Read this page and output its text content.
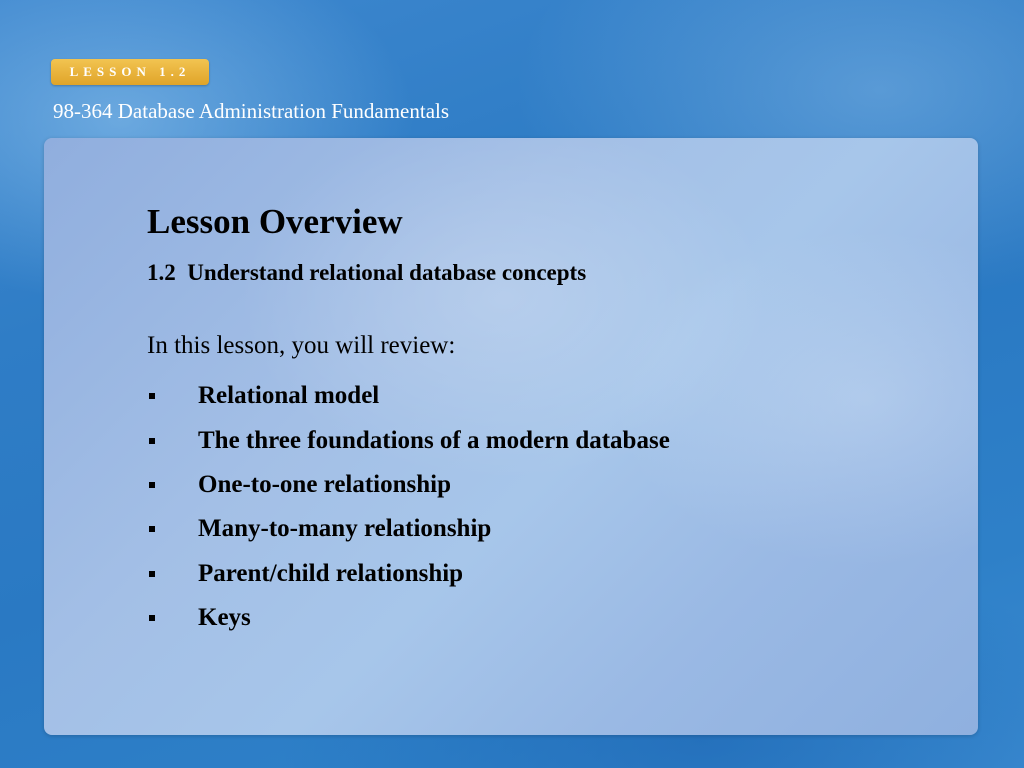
LESSON 1.2
98-364 Database Administration Fundamentals
Lesson Overview
1.2  Understand relational database concepts

In this lesson, you will review:

Relational model
The three foundations of a modern database
One-to-one relationship
Many-to-many relationship
Parent/child relationship
Keys
